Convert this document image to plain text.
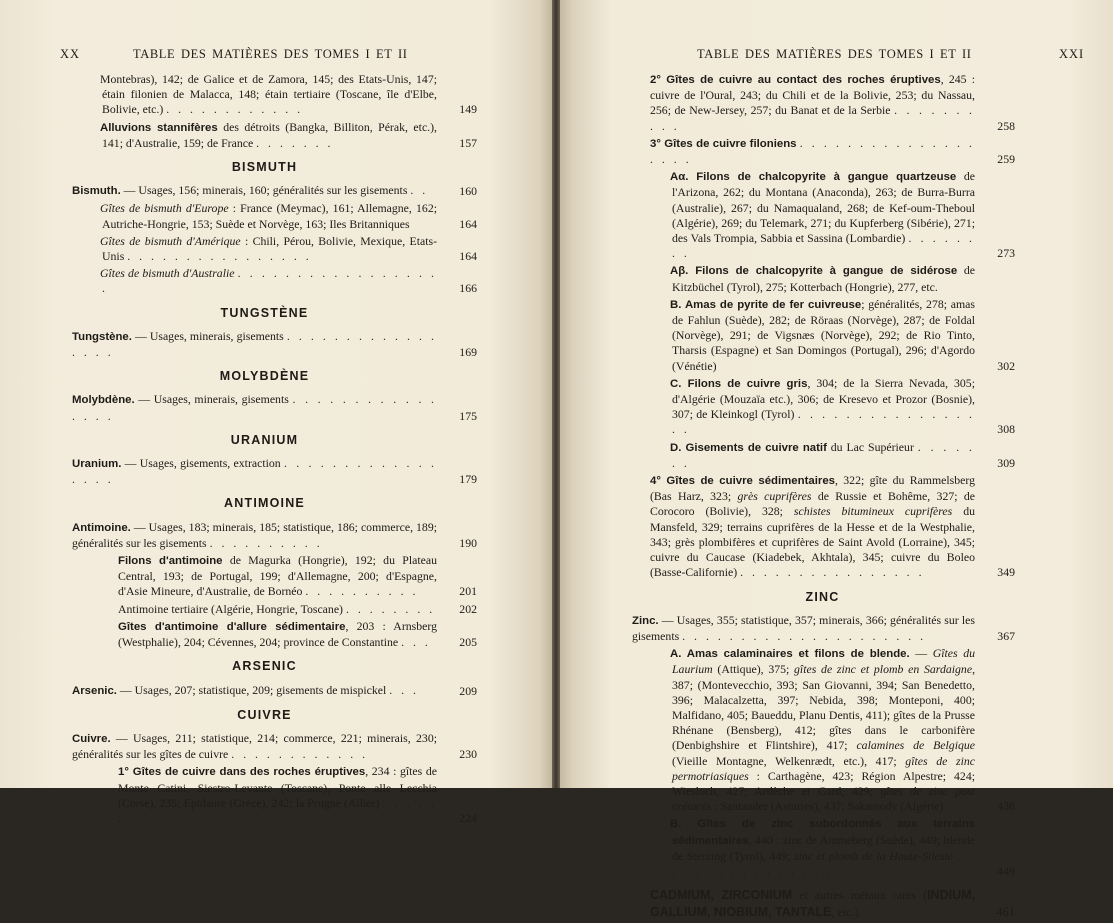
XX	TABLE DES MATIÈRES DES TOMES I ET II
Montebras), 142; de Galice et de Zamora, 145; des Etats-Unis, 147; étain filonien de Malacca, 148; étain tertiaire (Toscane, île d'Elbe, Bolivie, etc.) . . . . . . . . . . . .	149
Alluvions stannifères des détroits (Bangka, Billiton, Pérak, etc.), 141; d'Australie, 159; de France . . . . . . .	157
BISMUTH
Bismuth. — Usages, 156; minerais, 160; généralités sur les gisements . .	160
Gîtes de bismuth d'Europe : France (Meymac), 161; Allemagne, 162; Autriche-Hongrie, 153; Suède et Norvège, 163; Iles Britanniques	164
Gîtes de bismuth d'Amérique : Chili, Pérou, Bolivie, Mexique, Etats-Unis . . . . . . . . . . . . . . . .	164
Gîtes de bismuth d'Australie . . . . . . . . . . . . . . . . . .	166
TUNGSTÈNE
Tungstène. — Usages, minerais, gisements . . . . . . . . . . . . . . . . .	169
MOLYBDÈNE
Molybdène. — Usages, minerais, gisements . . . . . . . . . . . . . . . .	175
URANIUM
Uranium. — Usages, gisements, extraction . . . . . . . . . . . . . . . . .	179
ANTIMOINE
Antimoine. — Usages, 183; minerais, 185; statistique, 186; commerce, 189; généralités sur les gisements . . . . . . . . . .	190
Filons d'antimoine de Magurka (Hongrie), 192; du Plateau Central, 193; de Portugal, 199; d'Allemagne, 200; d'Espagne, d'Asie Mineure, d'Australie, de Bornéo . . . . . . . . . .	201
Antimoine tertiaire (Algérie, Hongrie, Toscane) . . . . . . . .	202
Gîtes d'antimoine d'allure sédimentaire, 203 : Arnsberg (Westphalie), 204; Cévennes, 204; province de Constantine . . .	205
ARSENIC
Arsenic. — Usages, 207; statistique, 209; gisements de mispickel . . .	209
CUIVRE
Cuivre. — Usages, 211; statistique, 214; commerce, 221; minerais, 230; généralités sur les gîtes de cuivre . . . . . . . . . . . .	230
1° Gîtes de cuivre dans des roches éruptives, 234 : gîtes de Monte Catini, Siestro-Levante (Toscane), Ponte alle Lecchia (Corse), 235; Epidaure (Grèce), 242; la Prugne (Allier) . . . . . .	224
TABLE DES MATIÈRES DES TOMES I ET II	XXI
2° Gîtes de cuivre au contact des roches éruptives, 245 : cuivre de l'Oural, 243; du Chili et de la Bolivie, 253; du Nassau, 256; de New-Jersey, 257; du Banat et de la Serbie . . . . . . . . . .	258
3° Gîtes de cuivre filoniens . . . . . . . . . . . . . . . . . . .	259
Aα. Filons de chalcopyrite à gangue quartzeuse de l'Arizona, 262; du Montana (Anaconda), 263; de Burra-Burra (Australie), 267; du Namaqualand, 268; de Kef-oum-Theboul (Algérie), 269; du Telemark, 271; du Kupferberg (Sibérie), 271; des Vals Trompia, Sabbia et Sassina (Lombardie) . . . . . . . .	273
Aβ. Filons de chalcopyrite à gangue de sidérose de Kitzbüchel (Tyrol), 275; Kotterbach (Hongrie), 277, etc.
B. Amas de pyrite de fer cuivreuse; généralités, 278; amas de Fahlun (Suède), 282; de Röraas (Norvège), 287; de Foldal (Norvège), 291; de Vigsnæs (Norvège), 292; de Rio Tinto, Tharsis (Espagne) et San Domingos (Portugal), 296; d'Agordo (Vénétie)	302
C. Filons de cuivre gris, 304; de la Sierra Nevada, 305; d'Algérie (Mouzaïa etc.), 306; de Kresevo et Prozor (Bosnie), 307; de Kleinkogl (Tyrol) . . . . . . . . . . . . . . . . .	308
D. Gisements de cuivre natif du Lac Supérieur . . . . . . .	309
4° Gîtes de cuivre sédimentaires, 322; gîte du Rammelsberg (Bas Harz, 323; grès cuprifères de Russie et Bohême, 327; de Corocoro (Bolivie), 328; schistes bitumineux cuprifères du Mansfeld, 329; terrains cuprifères de la Hesse et de la Westphalie, 343; grès plombifères et cuprifères de Saint Avold (Lorraine), 345; cuivre du Caucase (Kiadebek, Akhtala), 345; cuivre du Boleo (Basse-Californie) . . . . . . . . . . . . . . . .	349
ZINC
Zinc. — Usages, 355; statistique, 357; minerais, 366; généralités sur les gisements . . . . . . . . . . . . . . . . . . . . .	367
A. Amas calaminaires et filons de blende. — Gîtes du Laurium (Attique), 375; gîtes de zinc et plomb en Sardaigne, 387; (Montevecchio, 393; San Giovanni, 394; San Benedetto, 396; Malacalzetta, 397; Nebida, 398; Monteponi, 400; Malfidano, 405; Baueddu, Planu Dentis, 411); gîtes de la Prusse Rhénane (Bensberg), 412; gîtes dans le carbonifère (Denbighshire et Flintshire), 417; calamines de Belgique (Vieille Montagne, Welkenrædt, etc.), 417; gîtes de zinc permotriasiques : Carthagène, 423; Région Alpestre; 424; Wiesloch, 427; Ardèche et Gard, 429; gîtes de zinc post crétacés : Santander (Asturies), 437; Sakamody (Algérie)	438
B. Gîtes de zinc subordonnés aux terrains sédimentaires, 440 : zinc de Ammeberg (Suède), 449; blende de Sterzing (Tyrol), 449; zinc et plomb de la Haute-Silésie . . . . . . . . . . . . . . . . .	449
CADMIUM, ZIRCONIUM et autres métaux rares (INDIUM, GALLIUM, NIOBIUM, TANTALE, etc.).	461
